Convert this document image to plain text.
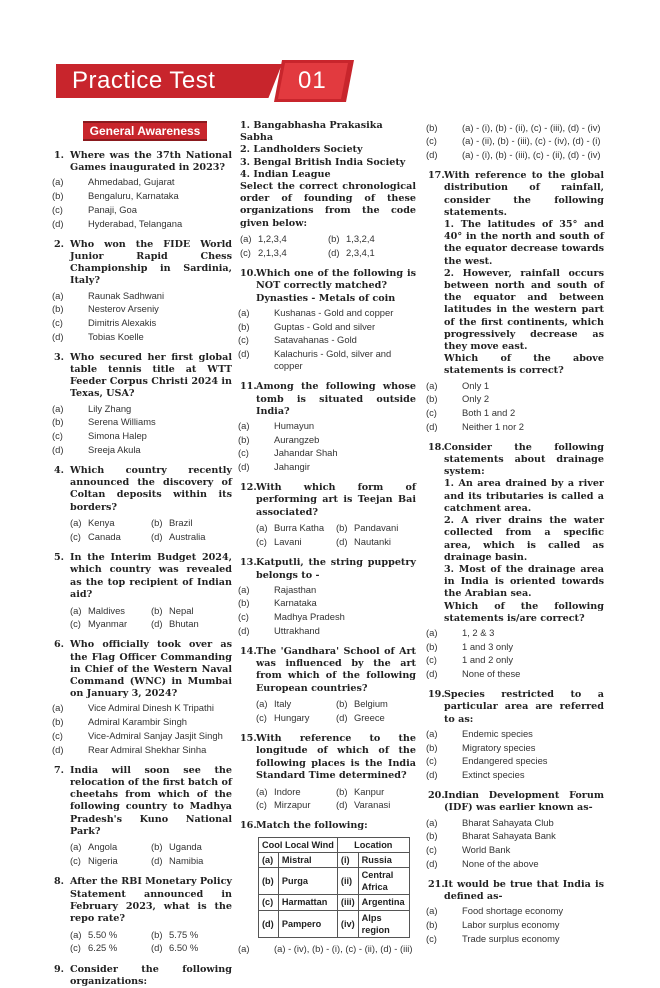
Practice Test	01
General Awareness
1. Where was the 37th National Games inaugurated in 2023?
(a)	Ahmedabad, Gujarat
(b)	Bengaluru, Karnataka
(c)	Panaji, Goa
(d)	Hyderabad, Telangana
2. Who won the FIDE World Junior Rapid Chess Championship in Sardinia, Italy?
(a)	Raunak Sadhwani
(b)	Nesterov Arseniy
(c)	Dimitris Alexakis
(d)	Tobias Koelle
3. Who secured her first global table tennis title at WTT Feeder Corpus Christi 2024 in Texas, USA?
(a)	Lily Zhang
(b)	Serena Williams
(c)	Simona Halep
(d)	Sreeja Akula
4. Which country recently announced the discovery of Coltan deposits within its borders?
(a) Kenya	(b) Brazil
(c) Canada	(d) Australia
5. In the Interim Budget 2024, which country was revealed as the top recipient of Indian aid?
(a) Maldives	(b) Nepal
(c) Myanmar	(d) Bhutan
6. Who officially took over as the Flag Officer Commanding in Chief of the Western Naval Command (WNC) in Mumbai on January 3, 2024?
(a)	Vice Admiral Dinesh K Tripathi
(b)	Admiral Karambir Singh
(c)	Vice-Admiral Sanjay Jasjit Singh
(d)	Rear Admiral Shekhar Sinha
7. India will soon see the relocation of the first batch of cheetahs from which of the following country to Madhya Pradesh's Kuno National Park?
(a) Angola	(b) Uganda
(c) Nigeria	(d) Namibia
8. After the RBI Monetary Policy Statement announced in February 2023, what is the repo rate?
(a) 5.50 %	(b) 5.75 %
(c) 6.25 %	(d) 6.50 %
9. Consider the following organizations:
1. Bangabhasha Prakasika Sabha
2. Landholders Society
3. Bengal British India Society
4. Indian League
Select the correct chronological order of founding of these organizations from the code given below:
(a) 1,2,3,4	(b) 1,3,2,4
(c) 2,1,3,4	(d) 2,3,4,1
10. Which one of the following is NOT correctly matched?
Dynasties - Metals of coin
(a)	Kushanas - Gold and copper
(b)	Guptas - Gold and silver
(c)	Satavahanas - Gold
(d)	Kalachuris - Gold, silver and copper
11. Among the following whose tomb is situated outside India?
(a)	Humayun
(b)	Aurangzeb
(c)	Jahandar Shah
(d)	Jahangir
12. With which form of performing art is Teejan Bai associated?
(a) Burra Katha	(b) Pandavani
(c) Lavani	(d) Nautanki
13. Katputli, the string puppetry belongs to -
(a)	Rajasthan
(b)	Karnataka
(c)	Madhya Pradesh
(d)	Uttrakhand
14. The 'Gandhara' School of Art was influenced by the art from which of the following European countries?
(a) Italy	(b) Belgium
(c) Hungary	(d) Greece
15. With reference to the longitude of which of the following places is the India Standard Time determined?
(a) Indore	(b) Kanpur
(c) Mirzapur	(d) Varanasi
16. Match the following:
Cool Local Wind		Location	
(a)	Mistral	(i)	Russia
(b)	Purga	(ii)	Central Africa
(c)	Harmattan	(iii)	Argentina
(d)	Pampero	(iv)	Alps region
(a)	(a) - (iv), (b) - (i), (c) - (ii), (d) - (iii)
(b)	(a) - (i), (b) - (ii), (c) - (iii), (d) - (iv)
(c)	(a) - (ii), (b) - (iii), (c) - (iv), (d) - (i)
(d)	(a) - (i), (b) - (iii), (c) - (ii), (d) - (iv)
17. With reference to the global distribution of rainfall, consider the following statements.
1. The latitudes of 35° and 40° in the north and south of the equator decrease towards the west.
2. However, rainfall occurs between north and south of the equator and between latitudes in the western part of the first continents, which progressively decrease as they move east.
Which of the above statements is correct?
(a)	Only 1
(b)	Only 2
(c)	Both 1 and 2
(d)	Neither 1 nor 2
18. Consider the following statements about drainage system:
1. An area drained by a river and its tributaries is called a catchment area.
2. A river drains the water collected from a specific area, which is called as drainage basin.
3. Most of the drainage area in India is oriented towards the Arabian sea.
Which of the following statements is/are correct?
(a)	1, 2 & 3
(b)	1 and 3 only
(c)	1 and 2 only
(d)	None of these
19. Species restricted to a particular area are referred to as:
(a)	Endemic species
(b)	Migratory species
(c)	Endangered species
(d)	Extinct species
20. Indian Development Forum (IDF) was earlier known as-
(a)	Bharat Sahayata Club
(b)	Bharat Sahayata Bank
(c)	World Bank
(d)	None of the above
21. It would be true that India is defined as-
(a)	Food shortage economy
(b)	Labor surplus economy
(c)	Trade surplus economy
